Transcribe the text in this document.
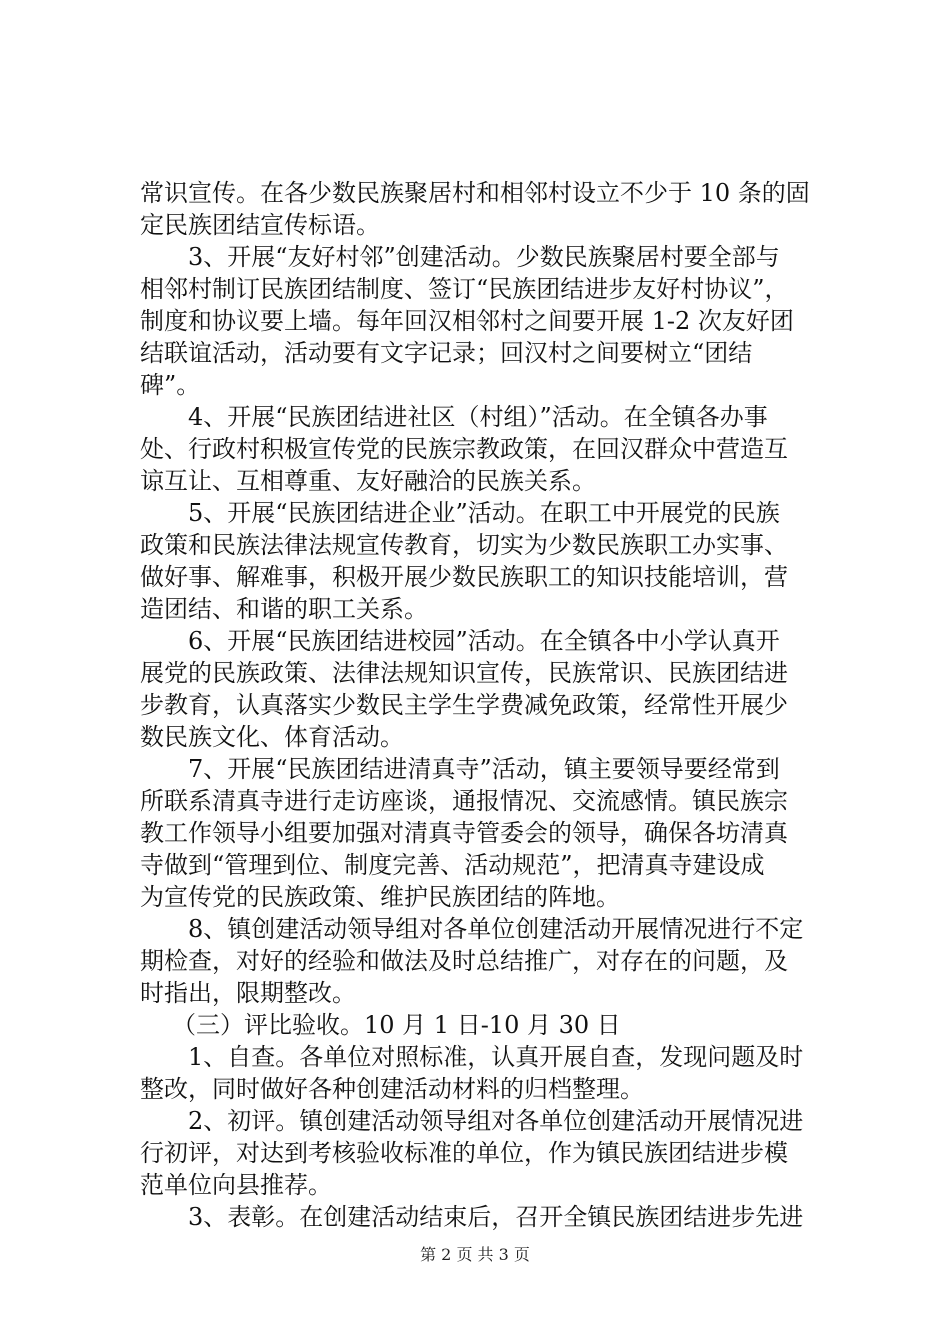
常识宣传。在各少数民族聚居村和相邻村设立不少于 10 条的固
定民族团结宣传标语。
3、开展“友好村邻”创建活动。少数民族聚居村要全部与
相邻村制订民族团结制度、签订“民族团结进步友好村协议”，
制度和协议要上墙。每年回汉相邻村之间要开展 1-2 次友好团
结联谊活动，活动要有文字记录；回汉村之间要树立“团结
碑”。
4、开展“民族团结进社区（村组）”活动。在全镇各办事
处、行政村积极宣传党的民族宗教政策，在回汉群众中营造互
谅互让、互相尊重、友好融洽的民族关系。
5、开展“民族团结进企业”活动。在职工中开展党的民族
政策和民族法律法规宣传教育，切实为少数民族职工办实事、
做好事、解难事，积极开展少数民族职工的知识技能培训，营
造团结、和谐的职工关系。
6、开展“民族团结进校园”活动。在全镇各中小学认真开
展党的民族政策、法律法规知识宣传，民族常识、民族团结进
步教育，认真落实少数民主学生学费减免政策，经常性开展少
数民族文化、体育活动。
7、开展“民族团结进清真寺”活动，镇主要领导要经常到
所联系清真寺进行走访座谈，通报情况、交流感情。镇民族宗
教工作领导小组要加强对清真寺管委会的领导，确保各坊清真
寺做到“管理到位、制度完善、活动规范”，把清真寺建设成
为宣传党的民族政策、维护民族团结的阵地。
8、镇创建活动领导组对各单位创建活动开展情况进行不定
期检查，对好的经验和做法及时总结推广，对存在的问题，及
时指出，限期整改。
（三）评比验收。10 月 1 日-10 月 30 日
1、自查。各单位对照标准，认真开展自查，发现问题及时
整改，同时做好各种创建活动材料的归档整理。
2、初评。镇创建活动领导组对各单位创建活动开展情况进
行初评，对达到考核验收标准的单位，作为镇民族团结进步模
范单位向县推荐。
3、表彰。在创建活动结束后，召开全镇民族团结进步先进
第 2 页 共 3 页
